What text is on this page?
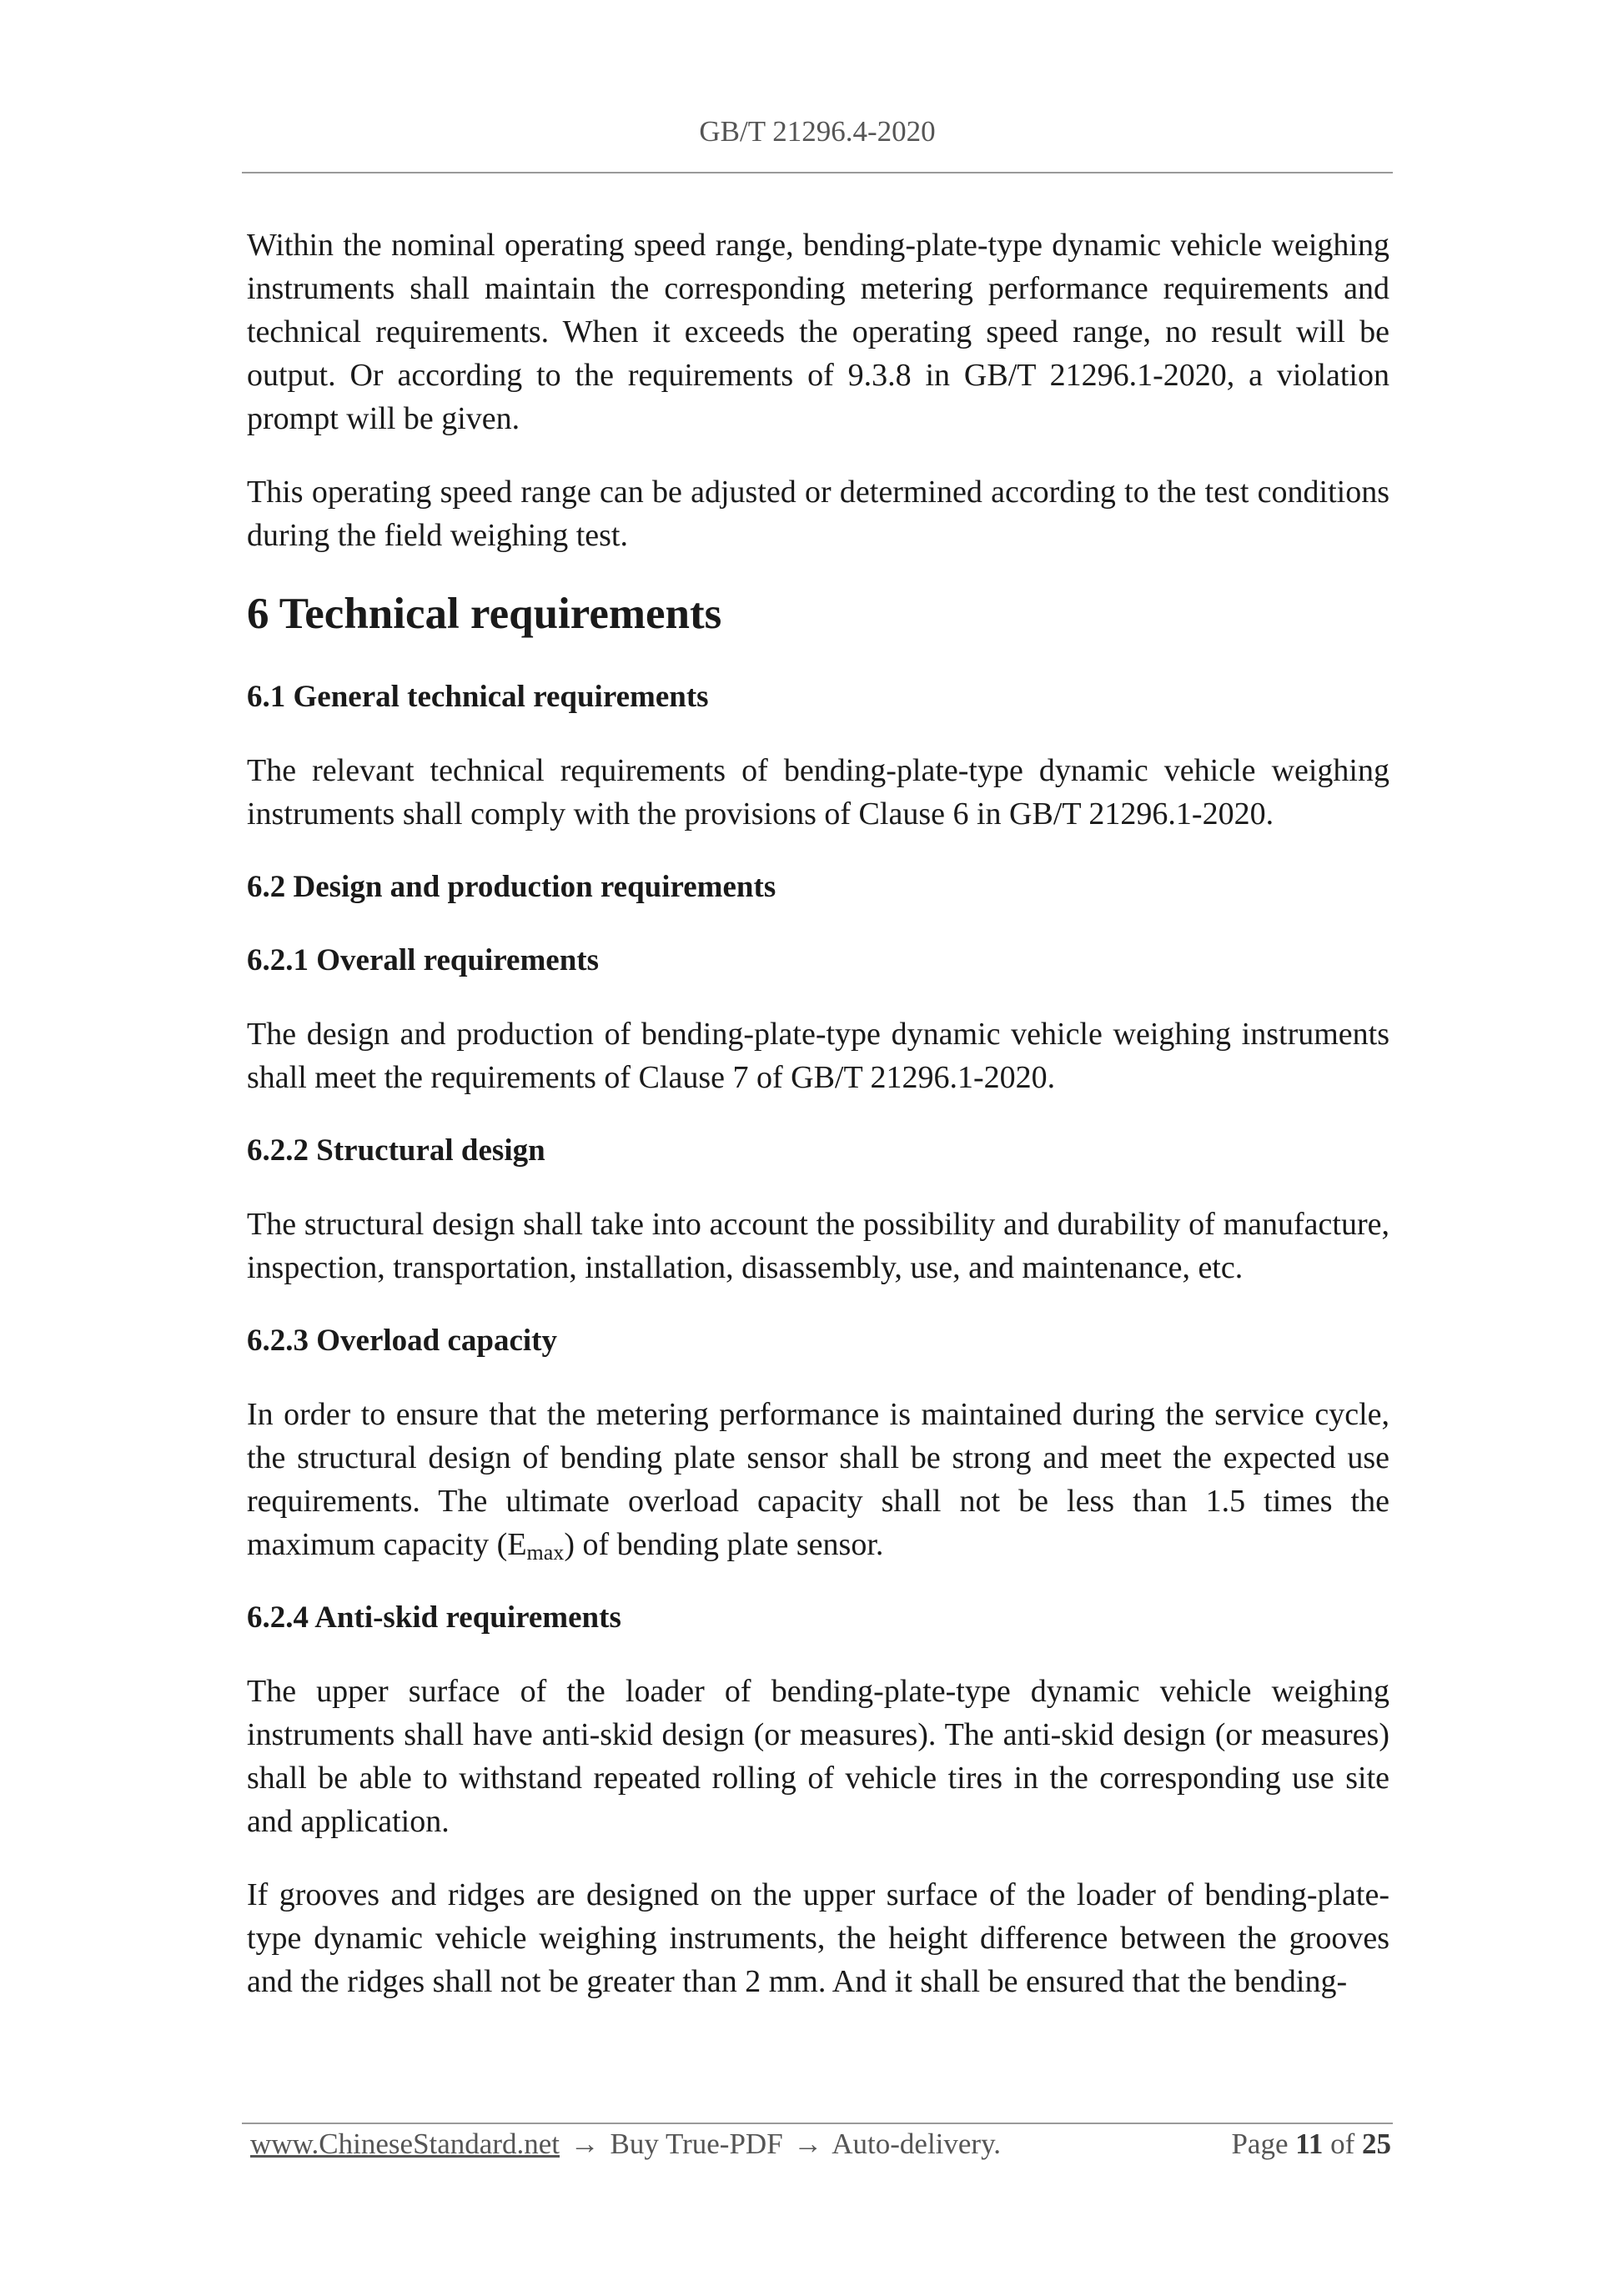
GB/T 21296.4-2020

Within the nominal operating speed range, bending-plate-type dynamic vehicle weighing instruments shall maintain the corresponding metering performance requirements and technical requirements. When it exceeds the operating speed range, no result will be output. Or according to the requirements of 9.3.8 in GB/T 21296.1-2020, a violation prompt will be given.

This operating speed range can be adjusted or determined according to the test conditions during the field weighing test.

6 Technical requirements
6.1 General technical requirements

The relevant technical requirements of bending-plate-type dynamic vehicle weighing instruments shall comply with the provisions of Clause 6 in GB/T 21296.1-2020.

6.2 Design and production requirements
6.2.1 Overall requirements

The design and production of bending-plate-type dynamic vehicle weighing instruments shall meet the requirements of Clause 7 of GB/T 21296.1-2020.

6.2.2 Structural design

The structural design shall take into account the possibility and durability of manufacture, inspection, transportation, installation, disassembly, use, and maintenance, etc.

6.2.3 Overload capacity

In order to ensure that the metering performance is maintained during the service cycle, the structural design of bending plate sensor shall be strong and meet the expected use requirements. The ultimate overload capacity shall not be less than 1.5 times the maximum capacity $(E_{max})$ of bending plate sensor.

6.2.4 Anti-skid requirements

The upper surface of the loader of bending-plate-type dynamic vehicle weighing instruments shall have anti-skid design (or measures). The anti-skid design (or measures) shall be able to withstand repeated rolling of vehicle tires in the corresponding use site and application.

If grooves and ridges are designed on the upper surface of the loader of bending-plate-type dynamic vehicle weighing instruments, the height difference between the grooves and the ridges shall not be greater than 2 mm. And it shall be ensured that the bending-

www.ChineseStandard.net → Buy True-PDF → Auto-delivery.	Page 11 of 25
